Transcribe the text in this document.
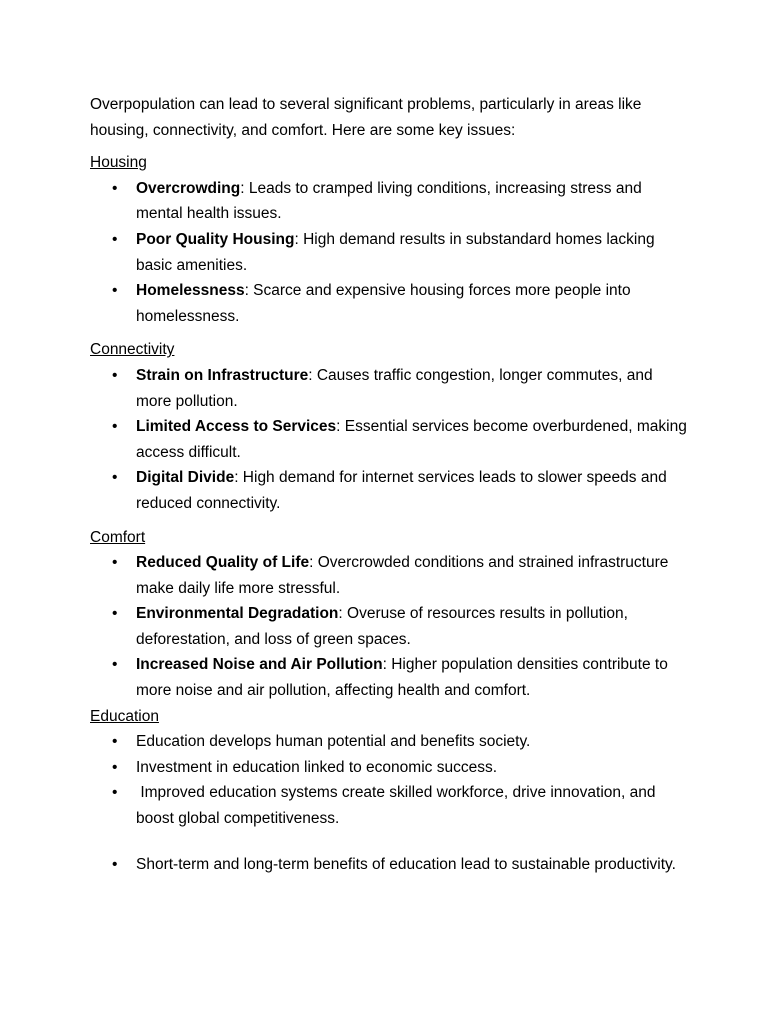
Overpopulation can lead to several significant problems, particularly in areas like housing, connectivity, and comfort. Here are some key issues:

Housing

• Overcrowding: Leads to cramped living conditions, increasing stress and mental health issues.
• Poor Quality Housing: High demand results in substandard homes lacking basic amenities.
• Homelessness: Scarce and expensive housing forces more people into homelessness.

Connectivity

• Strain on Infrastructure: Causes traffic congestion, longer commutes, and more pollution.
• Limited Access to Services: Essential services become overburdened, making access difficult.
• Digital Divide: High demand for internet services leads to slower speeds and reduced connectivity.

Comfort

• Reduced Quality of Life: Overcrowded conditions and strained infrastructure make daily life more stressful.
• Environmental Degradation: Overuse of resources results in pollution, deforestation, and loss of green spaces.
• Increased Noise and Air Pollution: Higher population densities contribute to more noise and air pollution, affecting health and comfort.

Education

• Education develops human potential and benefits society.
• Investment in education linked to economic success.
• Improved education systems create skilled workforce, drive innovation, and boost global competitiveness.
• Short-term and long-term benefits of education lead to sustainable productivity.
